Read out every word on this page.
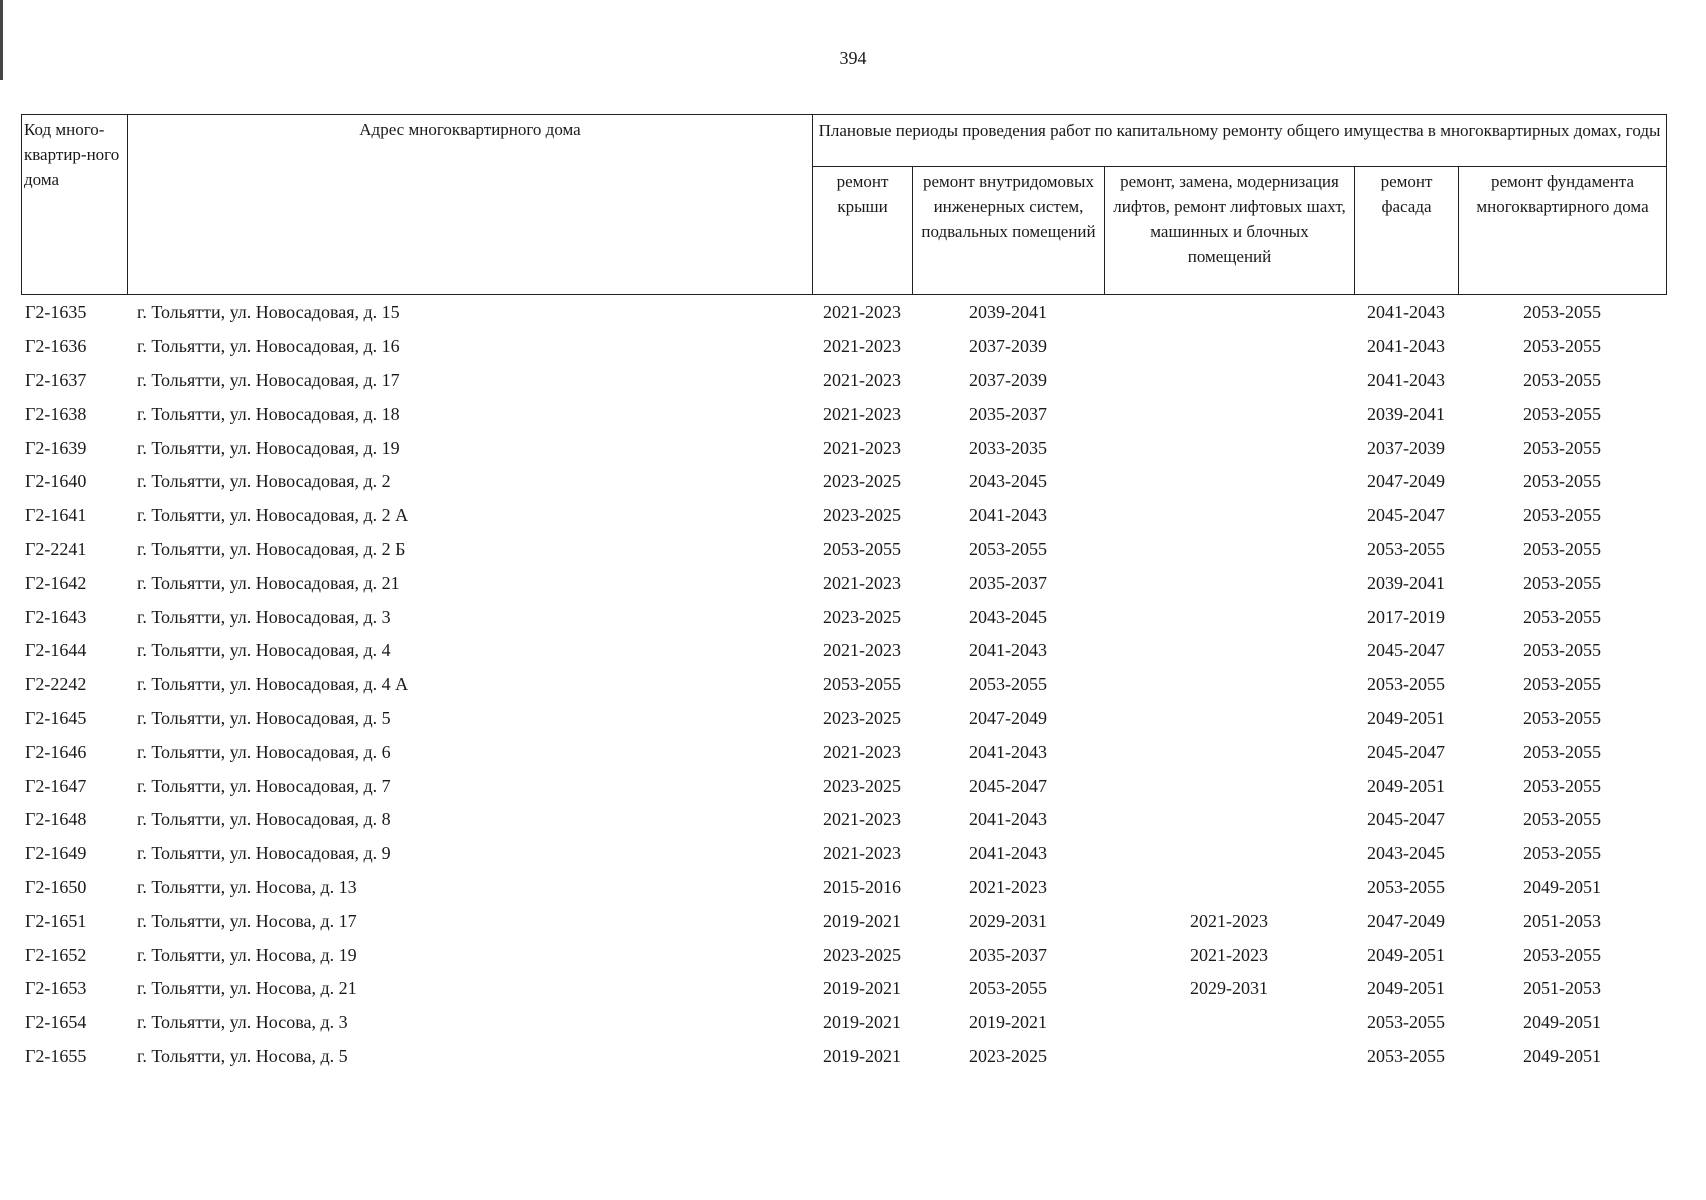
394
Код много-квартир-ного дома	Адрес многоквартирного дома	Плановые периоды проведения работ по капитальному ремонту общего имущества в многоквартирных домах, годы				
		ремонт крыши	ремонт внутридомовых инженерных систем, подвальных помещений	ремонт, замена, модернизация лифтов, ремонт лифтовых шахт, машинных и блочных помещений	ремонт фасада	ремонт фундамента многоквартирного дома
Г2-1635	г. Тольятти, ул. Новосадовая, д. 15	2021-2023	2039-2041		2041-2043	2053-2055
Г2-1636	г. Тольятти, ул. Новосадовая, д. 16	2021-2023	2037-2039		2041-2043	2053-2055
Г2-1637	г. Тольятти, ул. Новосадовая, д. 17	2021-2023	2037-2039		2041-2043	2053-2055
Г2-1638	г. Тольятти, ул. Новосадовая, д. 18	2021-2023	2035-2037		2039-2041	2053-2055
Г2-1639	г. Тольятти, ул. Новосадовая, д. 19	2021-2023	2033-2035		2037-2039	2053-2055
Г2-1640	г. Тольятти, ул. Новосадовая, д. 2	2023-2025	2043-2045		2047-2049	2053-2055
Г2-1641	г. Тольятти, ул. Новосадовая, д. 2 А	2023-2025	2041-2043		2045-2047	2053-2055
Г2-2241	г. Тольятти, ул. Новосадовая, д. 2 Б	2053-2055	2053-2055		2053-2055	2053-2055
Г2-1642	г. Тольятти, ул. Новосадовая, д. 21	2021-2023	2035-2037		2039-2041	2053-2055
Г2-1643	г. Тольятти, ул. Новосадовая, д. 3	2023-2025	2043-2045		2017-2019	2053-2055
Г2-1644	г. Тольятти, ул. Новосадовая, д. 4	2021-2023	2041-2043		2045-2047	2053-2055
Г2-2242	г. Тольятти, ул. Новосадовая, д. 4 А	2053-2055	2053-2055		2053-2055	2053-2055
Г2-1645	г. Тольятти, ул. Новосадовая, д. 5	2023-2025	2047-2049		2049-2051	2053-2055
Г2-1646	г. Тольятти, ул. Новосадовая, д. 6	2021-2023	2041-2043		2045-2047	2053-2055
Г2-1647	г. Тольятти, ул. Новосадовая, д. 7	2023-2025	2045-2047		2049-2051	2053-2055
Г2-1648	г. Тольятти, ул. Новосадовая, д. 8	2021-2023	2041-2043		2045-2047	2053-2055
Г2-1649	г. Тольятти, ул. Новосадовая, д. 9	2021-2023	2041-2043		2043-2045	2053-2055
Г2-1650	г. Тольятти, ул. Носова, д. 13	2015-2016	2021-2023		2053-2055	2049-2051
Г2-1651	г. Тольятти, ул. Носова, д. 17	2019-2021	2029-2031	2021-2023	2047-2049	2051-2053
Г2-1652	г. Тольятти, ул. Носова, д. 19	2023-2025	2035-2037	2021-2023	2049-2051	2053-2055
Г2-1653	г. Тольятти, ул. Носова, д. 21	2019-2021	2053-2055	2029-2031	2049-2051	2051-2053
Г2-1654	г. Тольятти, ул. Носова, д. 3	2019-2021	2019-2021		2053-2055	2049-2051
Г2-1655	г. Тольятти, ул. Носова, д. 5	2019-2021	2023-2025		2053-2055	2049-2051
